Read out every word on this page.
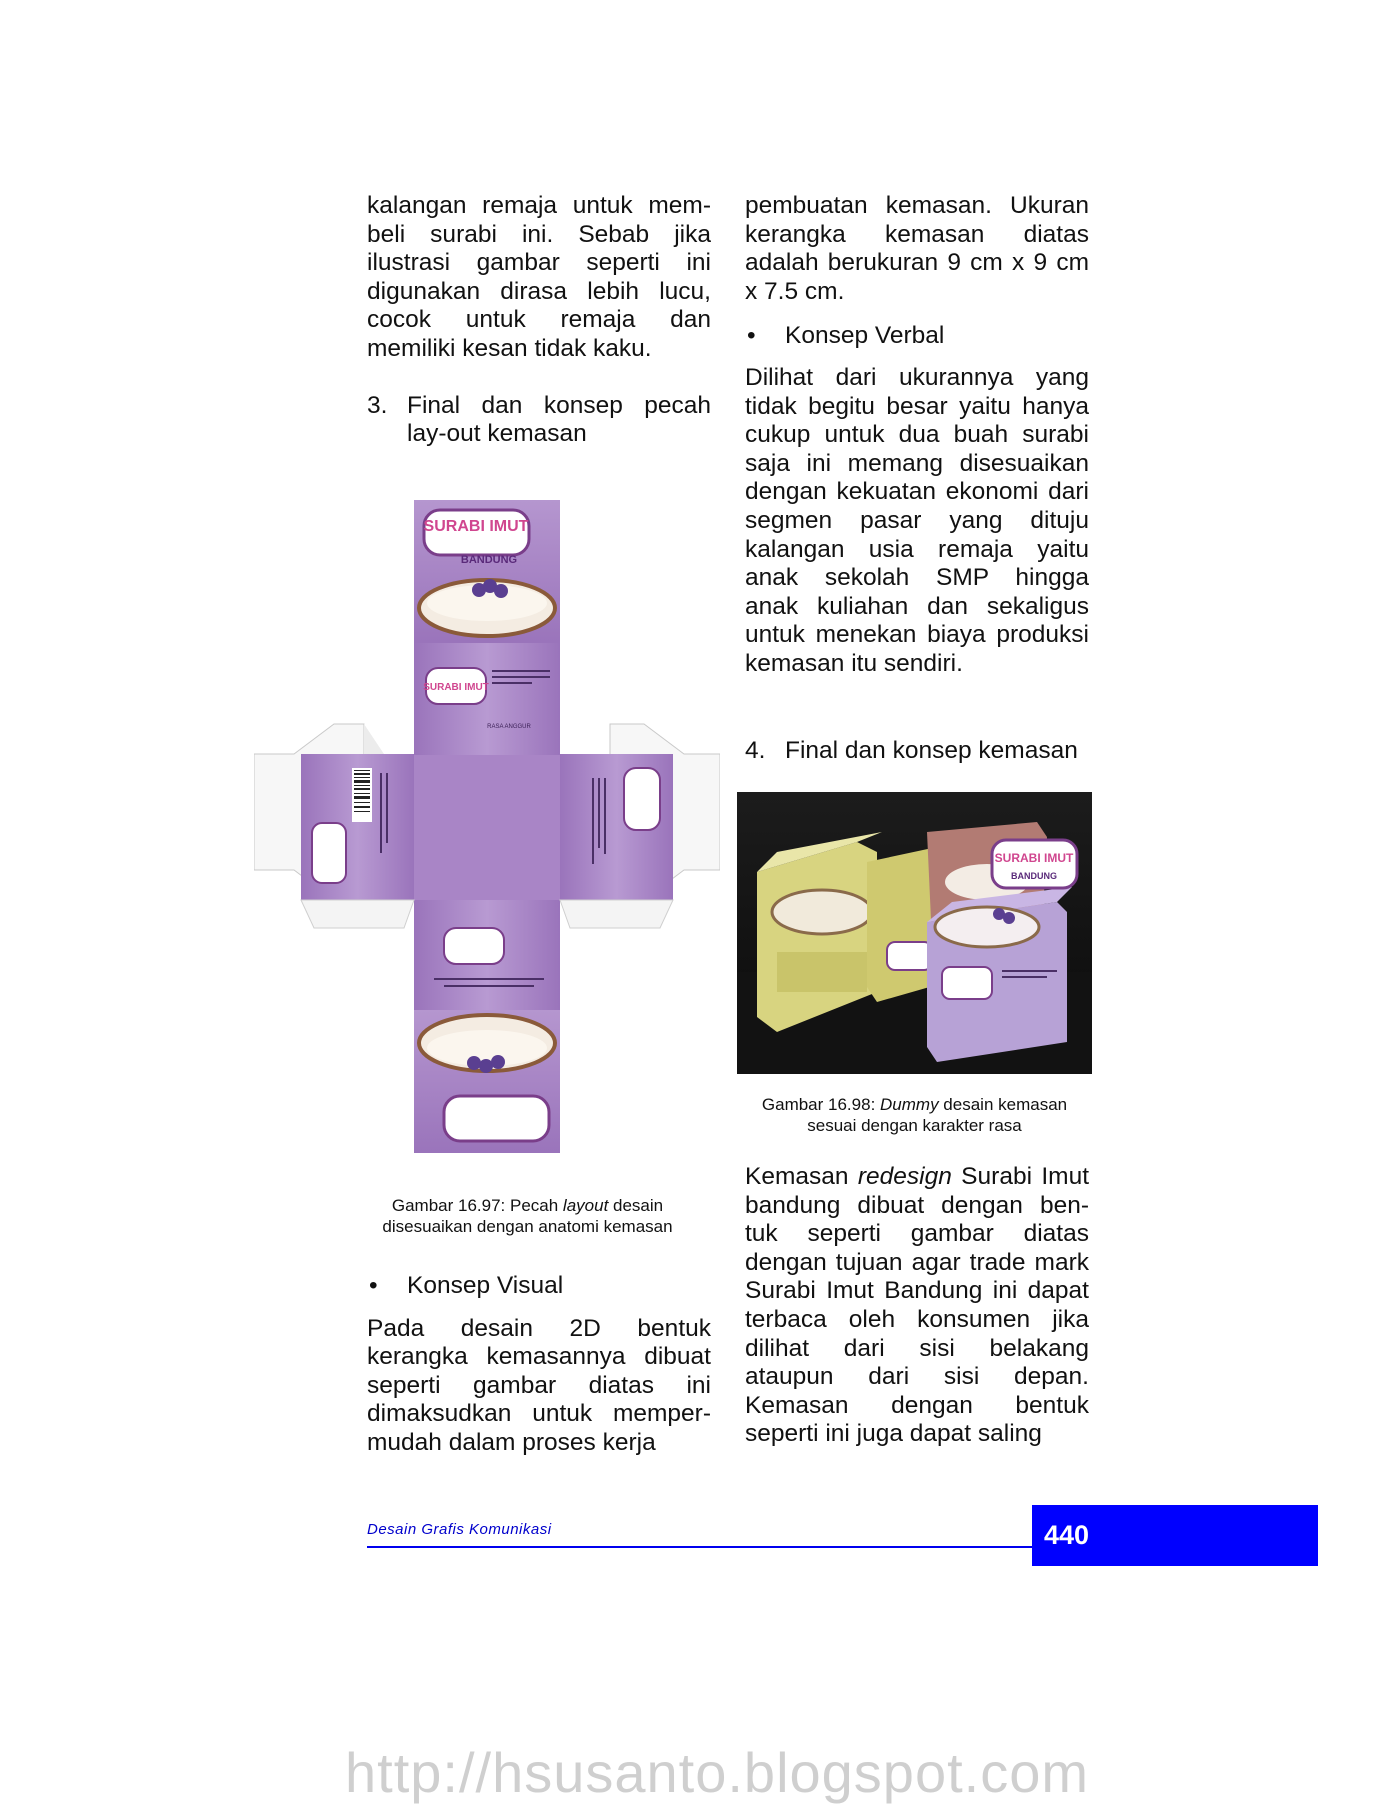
kalangan remaja untuk mem-beli surabi ini. Sebab jika ilustrasi gambar seperti ini digunakan dirasa lebih lucu, cocok untuk remaja dan memiliki kesan tidak kaku.

3. Final dan konsep pecah lay-out kemasan
SURABI IMUT
BANDUNG
SURABI IMUT
RASA ANGGUR
Gambar 16.97: Pecah layout desain
disesuaikan dengan anatomi kemasan
• Konsep Visual

Pada desain 2D bentuk kerangka kemasannya dibuat seperti gambar diatas ini dimaksudkan untuk memper-mudah dalam proses kerja

pembuatan kemasan. Ukuran kerangka kemasan diatas adalah berukuran 9 cm x 9 cm x 7.5 cm.

• Konsep Verbal

Dilihat dari ukurannya yang tidak begitu besar yaitu hanya cukup untuk dua buah surabi saja ini memang disesuaikan dengan kekuatan ekonomi dari segmen pasar yang dituju kalangan usia remaja yaitu anak sekolah SMP hingga anak kuliahan dan sekaligus untuk menekan biaya produksi kemasan itu sendiri.

4. Final dan konsep kemasan
SURABI IMUT
BANDUNG
Gambar 16.98: Dummy desain kemasan
sesuai dengan karakter rasa

Kemasan redesign Surabi Imut bandung dibuat dengan ben-tuk seperti gambar diatas dengan tujuan agar trade mark Surabi Imut Bandung ini dapat terbaca oleh konsumen jika dilihat dari sisi belakang ataupun dari sisi depan. Kemasan dengan bentuk seperti ini juga dapat saling

Desain Grafis Komunikasi	440
http://hsusanto.blogspot.com
